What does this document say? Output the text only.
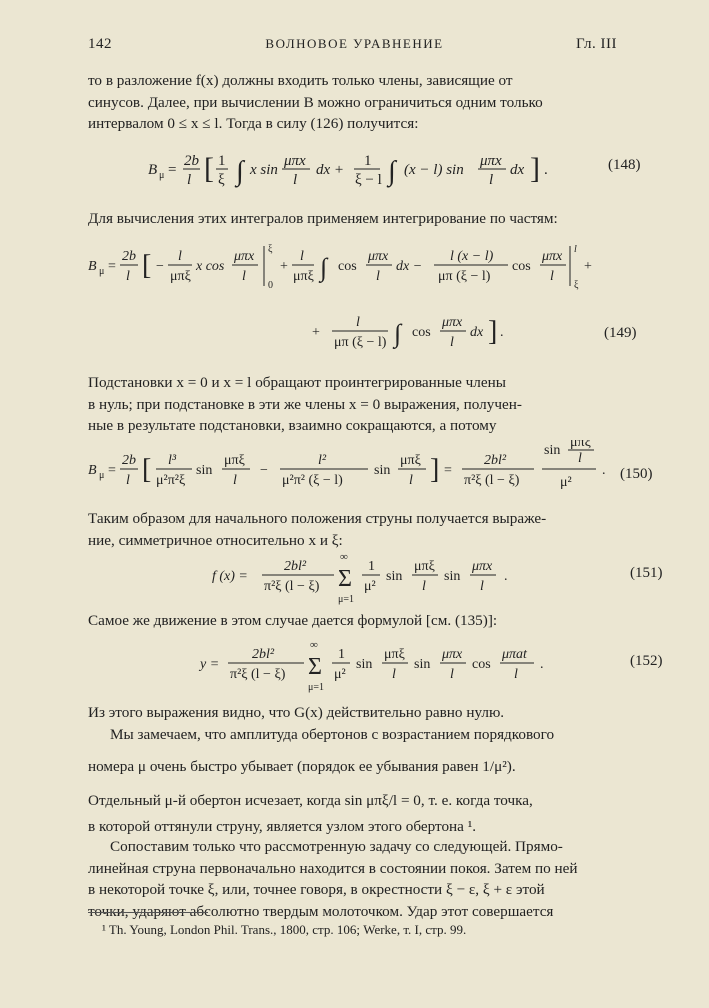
142	ВОЛНОВОЕ УРАВНЕНИЕ	Гл. III
то в разложение f(x) должны входить только члены, зависящие от
синусов. Далее, при вычислении B можно ограничиться одним только
интервалом 0 ≤ x ≤ l. Тогда в силу (126) получится:
B μ =
2b
l [ 1
ξ ∫ x sin
μπx
l
dx +
1
ξ − l ∫ (x − l) sin
μπx
l
dx ] .	(148)
Для вычисления этих интегралов применяем интегрирование по частям:
B μ =
2b
l [ −
l
μπξ
x cos
μπx
l
ξ
0
+
l
μπξ ∫ cos
μπx
l
dx −
l (x − l)
μπ (ξ − l)
cos
μπx
l
l
ξ
+
+
l
μπ (ξ − l) ∫ cos
μπx
l
dx ] .	(149)
Подстановки x = 0 и x = l обращают проинтегрированные члены
в нуль; при подстановке в эти же члены x = 0 выражения, получен-
ные в результате подстановки, взаимно сокращаются, а потому
B μ =
2b
l [ l³
μ²π²ξ
sin
μπξ
l
−
l²
μ²π² (ξ − l)
sin
μπξ
l ] =
2bl²
π²ξ (l − ξ)
sin
μπξ
l
μ²
. (150)
Таким образом для начального положения струны получается выраже-
ние, симметричное относительно x и ξ:
f (x) =
2bl²
π²ξ (l − ξ)
∞
Σ
μ=1
1
μ²
sin
μπξ
l
sin
μπx
l
.	(151)
Самое же движение в этом случае дается формулой [см. (135)]:
y =
2bl²
π²ξ (l − ξ)
∞
Σ
μ=1
1
μ²
sin
μπξ
l
sin
μπx
l
cos
μπat
l
.	(152)
Из этого выражения видно, что G(x) действительно равно нулю.
Мы замечаем, что амплитуда обертонов с возрастанием порядкового
номера μ очень быстро убывает (порядок ее убывания равен 1/μ²).
Отдельный μ-й обертон исчезает, когда sin μπξ/l = 0, т. е. когда точка,
в которой оттянули струну, является узлом этого обертона ¹.
Сопоставим только что рассмотренную задачу со следующей. Прямо-
линейная струна первоначально находится в состоянии покоя. Затем по ней
в некоторой точке ξ, или, точнее говоря, в окрестности ξ − ε, ξ + ε этой
точки, ударяют абсолютно твердым молоточком. Удар этот совершается
¹ Th. Young, London Phil. Trans., 1800, стр. 106; Werke, т. I, стр. 99.
